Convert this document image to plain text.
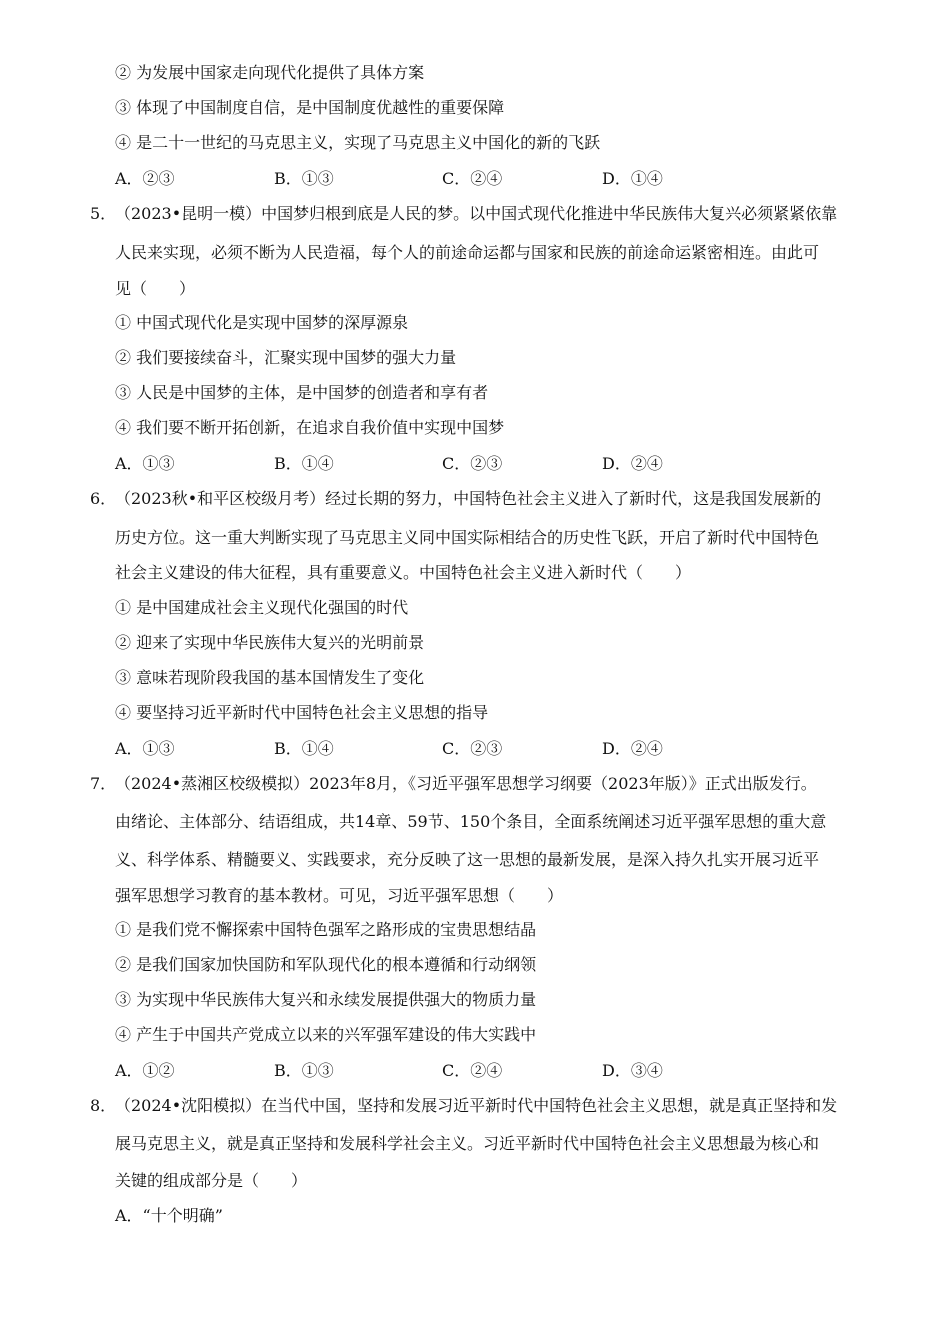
② 为发展中国家走向现代化提供了具体方案
③ 体现了中国制度自信，是中国制度优越性的重要保障
④ 是二十一世纪的马克思主义，实现了马克思主义中国化的新的飞跃
A．②③	B．①③	C．②④	D．①④
5．
（2023•昆明一模）中国梦归根到底是人民的梦。以中国式现代化推进中华民族伟大复兴必须紧紧依靠
人民来实现，必须不断为人民造福，每个人的前途命运都与国家和民族的前途命运紧密相连。由此可
见（　　）
① 中国式现代化是实现中国梦的深厚源泉
② 我们要接续奋斗，汇聚实现中国梦的强大力量
③ 人民是中国梦的主体，是中国梦的创造者和享有者
④ 我们要不断开拓创新，在追求自我价值中实现中国梦
A．①③	B．①④	C．②③	D．②④
6．
（2023秋•和平区校级月考）经过长期的努力，中国特色社会主义进入了新时代，这是我国发展新的
历史方位。这一重大判断实现了马克思主义同中国实际相结合的历史性飞跃，开启了新时代中国特色
社会主义建设的伟大征程，具有重要意义。中国特色社会主义进入新时代（　　）
① 是中国建成社会主义现代化强国的时代
② 迎来了实现中华民族伟大复兴的光明前景
③ 意味若现阶段我国的基本国情发生了变化
④ 要坚持习近平新时代中国特色社会主义思想的指导
A．①③	B．①④	C．②③	D．②④
7．
（2024•蒸湘区校级模拟）2023年8月，《习近平强军思想学习纲要（2023年版）》正式出版发行。
由绪论、主体部分、结语组成，共14章、59节、150个条目，全面系统阐述习近平强军思想的重大意
义、科学体系、精髓要义、实践要求，充分反映了这一思想的最新发展，是深入持久扎实开展习近平
强军思想学习教育的基本教材。可见，习近平强军思想（　　）
① 是我们党不懈探索中国特色强军之路形成的宝贵思想结晶
② 是我们国家加快国防和军队现代化的根本遵循和行动纲领
③ 为实现中华民族伟大复兴和永续发展提供强大的物质力量
④ 产生于中国共产党成立以来的兴军强军建设的伟大实践中
A．①②	B．①③	C．②④	D．③④
8．
（2024•沈阳模拟）在当代中国，坚持和发展习近平新时代中国特色社会主义思想，就是真正坚持和发
展马克思主义，就是真正坚持和发展科学社会主义。习近平新时代中国特色社会主义思想最为核心和
关键的组成部分是（　　）
A．“十个明确”
